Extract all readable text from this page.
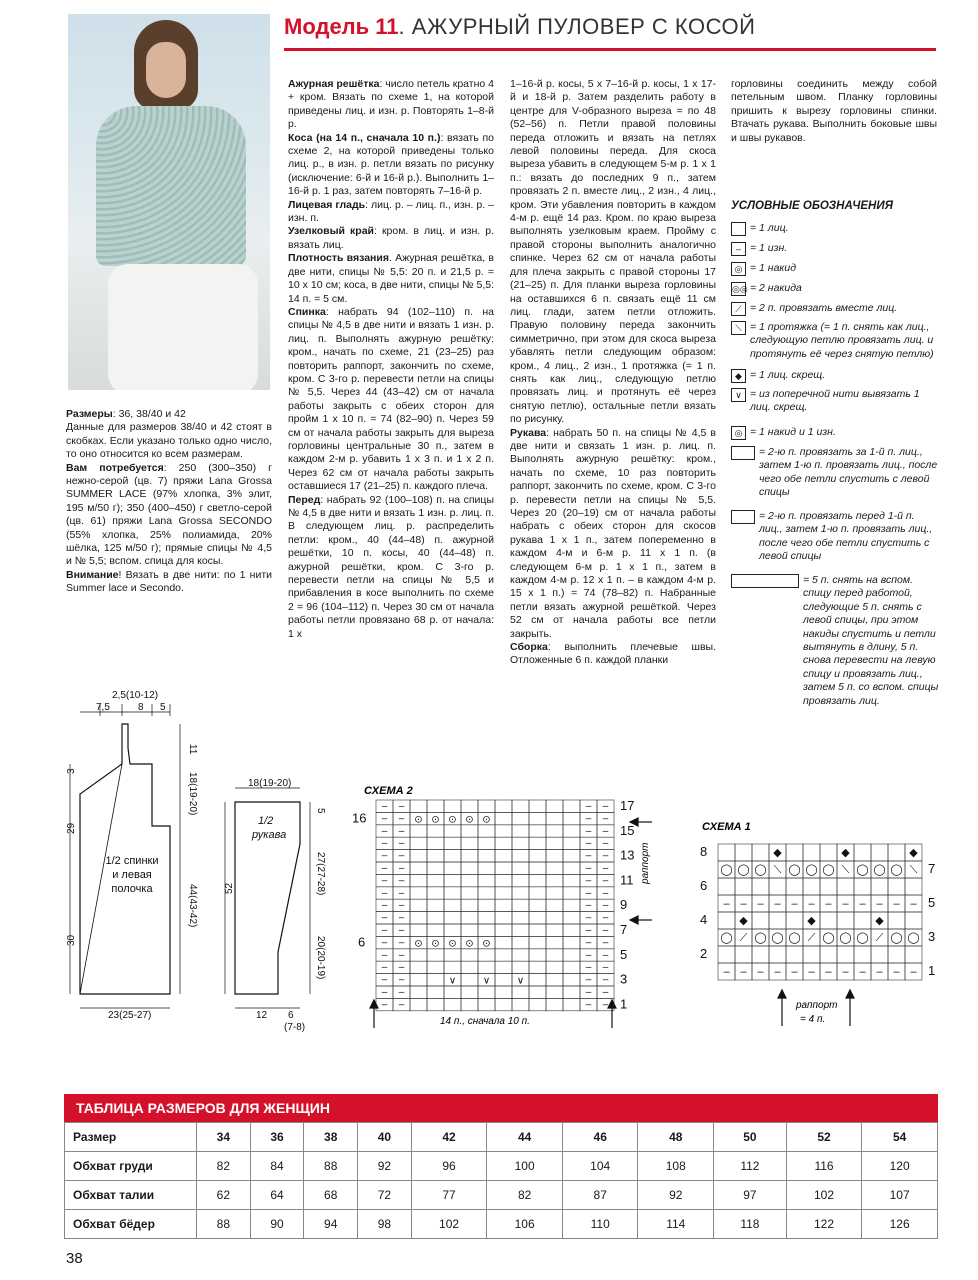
Модель 11. АЖУРНЫЙ ПУЛОВЕР С КОСОЙ

Размеры: 36, 38/40 и 42

Данные для размеров 38/40 и 42 стоят в скобках. Если указано только одно число, то оно относится ко всем размерам.

Вам потребуется: 250 (300–350) г нежно-серой (цв. 7) пряжи Lana Grossa SUMMER LACE (97% хлопка, 3% элит, 195 м/50 г); 350 (400–450) г светло-серой (цв. 61) пряжи Lana Grossa SECONDO (55% хлопка, 25% полиамида, 20% шёлка, 125 м/50 г); прямые спицы № 4,5 и № 5,5; вспом. спица для косы.

Внимание! Вязать в две нити: по 1 нити Summer lace и Secondo.

Ажурная решётка: число петель кратно 4 + кром. Вязать по схеме 1, на которой приведены лиц. и изн. р. Повторять 1–8-й р.

Коса (на 14 п., сначала 10 п.): вязать по схеме 2, на которой приведены только лиц. р., в изн. р. петли вязать по рисунку (исключение: 6-й и 16-й р.). Выполнить 1–16-й р. 1 раз, затем повторять 7–16-й р.

Лицевая гладь: лиц. р. – лиц. п., изн. р. – изн. п.

Узелковый край: кром. в лиц. и изн. р. вязать лиц.

Плотность вязания. Ажурная решётка, в две нити, спицы № 5,5: 20 п. и 21,5 р. = 10 х 10 см; коса, в две нити, спицы № 5,5: 14 п. = 5 см.

Спинка: набрать 94 (102–110) п. на спицы № 4,5 в две нити и вязать 1 изн. р. лиц. п. Выполнять ажурную решётку: кром., начать по схеме, 21 (23–25) раз повторить раппорт, закончить по схеме, кром. С 3-го р. перевести петли на спицы № 5,5. Через 44 (43–42) см от начала работы закрыть с обеих сторон для пройм 1 х 10 п. = 74 (82–90) п. Через 59 см от начала работы закрыть для выреза горловины центральные 30 п., затем в каждом 2-м р. убавить 1 х 3 п. и 1 х 2 п. Через 62 см от начала работы закрыть оставшиеся 17 (21–25) п. каждого плеча.

Перед: набрать 92 (100–108) п. на спицы № 4,5 в две нити и вязать 1 изн. р. лиц. п. В следующем лиц. р. распределить петли: кром., 40 (44–48) п. ажурной решётки, 10 п. косы, 40 (44–48) п. ажурной решётки, кром. С 3-го р. перевести петли на спицы № 5,5 и прибавления в косе выполнить по схеме 2 = 96 (104–112) п. Через 30 см от начала работы петли провязано 68 р. от начала: 1 х

1–16-й р. косы, 5 х 7–16-й р. косы, 1 х 17-й и 18-й р. Затем разделить работу в центре для V-образного выреза = по 48 (52–56) п. Петли правой половины переда отложить и вязать на петлях левой половины переда. Для скоса выреза убавить в следующем 5-м р. 1 х 1 п.: вязать до последних 9 п., затем провязать 2 п. вместе лиц., 2 изн., 4 лиц., кром. Эти убавления повторить в каждом 4-м р. ещё 14 раз. Кром. по краю выреза выполнять узелковым краем. Пройму с правой стороны выполнить аналогично спинке. Через 62 см от начала работы для плеча закрыть с правой стороны 17 (21–25) п. Для планки выреза горловины на оставшихся 6 п. связать ещё 11 см лиц. глади, затем петли отложить. Правую половину переда закончить симметрично, при этом для скоса выреза убавлять петли следующим образом: кром., 4 лиц., 2 изн., 1 протяжка (= 1 п. снять как лиц., следующую петлю провязать лиц. и протянуть её через снятую петлю), остальные петли вязать по рисунку.

Рукава: набрать 50 п. на спицы № 4,5 в две нити и связать 1 изн. р. лиц. п. Выполнять ажурную решётку: кром., начать по схеме, 10 раз повторить раппорт, закончить по схеме, кром. С 3-го р. перевести петли на спицы № 5,5. Через 20 (20–19) см от начала работы набрать с обеих сторон для скосов рукава 1 х 1 п., затем попеременно в каждом 4-м и 6-м р. 11 х 1 п. (в следующем 6-м р. 1 х 1 п., затем в каждом 4-м р. 12 х 1 п. – в каждом 4-м р. 15 х 1 п.) = 74 (78–82) п. Набранные петли вязать ажурной решёткой. Через 52 см от начала работы все петли закрыть.

Сборка: выполнить плечевые швы. Отложенные 6 п. каждой планки

горловины соединить между собой петельным швом. Планку горловины пришить к вырезу горловины спинки. Втачать рукава. Выполнить боковые швы и швы рукавов.
УСЛОВНЫЕ ОБОЗНАЧЕНИЯ
= 1 лиц.
– = 1 изн.
◎ = 1 накид
◎◎ = 2 накида
⟋ = 2 п. провязать вместе лиц.
⟍ = 1 протяжка (= 1 п. снять как лиц., следующую петлю провязать лиц. и протянуть её через снятую петлю)
◆ = 1 лиц. скрещ.
∨ = из поперечной нити вывязать 1 лиц. скрещ.
◎ = 1 накид и 1 изн.
= 2-ю п. провязать за 1-й п. лиц., затем 1-ю п. провязать лиц., после чего обе петли спустить с левой спицы
= 2-ю п. провязать перед 1-й п. лиц., затем 1-ю п. провязать лиц., после чего обе петли спустить с левой спицы
= 5 п. снять на вспом. спицу перед работой, следующие 5 п. снять с левой спицы, при этом накиды спустить и петли вытянуть в длину, 5 п. снова перевести на левую спицу и провязать лиц., затем 5 п. со вспом. спицы провязать лиц.
2,5(10-12)
7,5	8 5
1/2 спинки
и левая
полочка
11
18(19-20)
44(43-42)
3
29
30
23(25-27)
1/2
рукава
18(19-20)
5
27(27-28)
20(20-19)
52
12 6
(7-8)
СХЕМА 2
– –	– –
– –	– –
– –	– –
– –	– –
– –	– –
– –	– –
– –	– –
– –	– –
– –	– –
– –	– –
– –	– –
– –	– –
– –	– –
– –	– –
– –	– –
– –	– –
– –	– –
⊙ ⊙ ⊙ ⊙ ⊙
⊙ ⊙ ⊙ ⊙ ⊙
∨	∨	∨
16
6
17
15
13
11
9
7
5
3
1
раппорт
14 п., сначала 10 п.
СХЕМА 1
◯
◯
◯
⟋
◯
◯
⟍
◯
◯
◯
◯
⟋
◯
◯
⟍
◯
◯
◯
◯
⟋
◯
◯
⟍
◯
◆	◆	◆
◆	◆	◆
–
–
–
–
–
–
–
–
–
–
–
–
–
–
–
–
–
–
–
–
–
–
–
–
8
6
4
2
7
5
3
1
раппорт
= 4 п.
ТАБЛИЦА РАЗМЕРОВ ДЛЯ ЖЕНЩИН
Размер	34	36	38	40	42	44	46	48	50	52	54
Обхват груди	82	84	88	92	96	100	104	108	112	116	120
Обхват талии	62	64	68	72	77	82	87	92	97	102	107
Обхват бёдер	88	90	94	98	102	106	110	114	118	122	126
38
